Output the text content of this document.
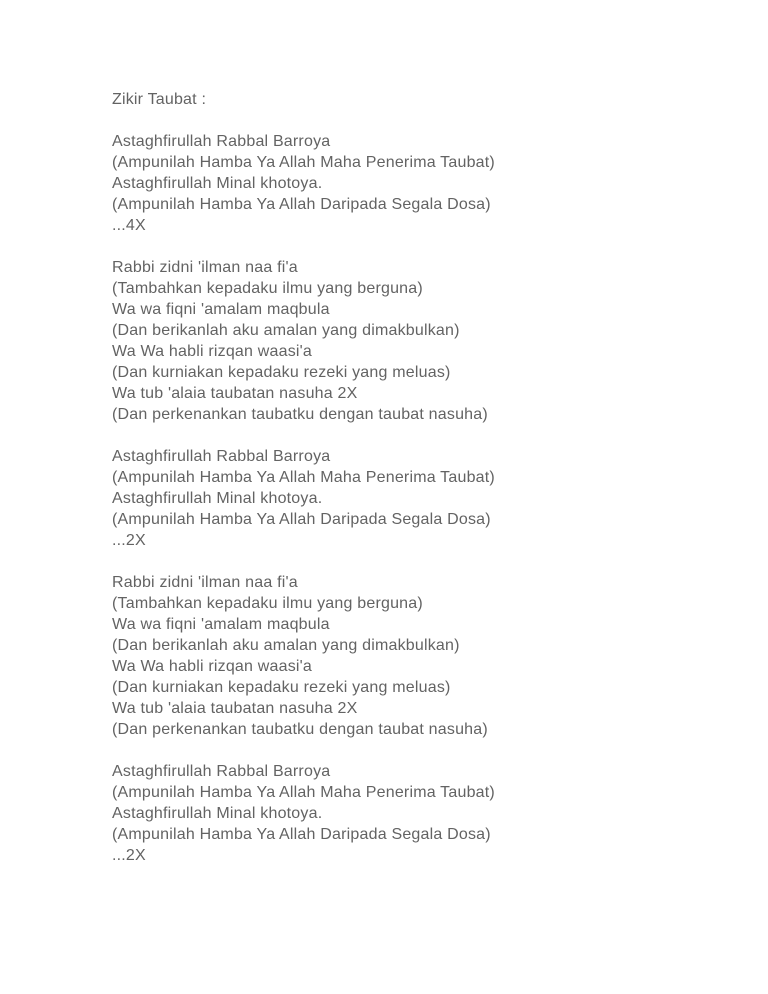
Zikir Taubat :
Astaghfirullah Rabbal Barroya
(Ampunilah Hamba Ya Allah Maha Penerima Taubat)
Astaghfirullah Minal khotoya.
(Ampunilah Hamba Ya Allah Daripada Segala Dosa)
...4X
Rabbi zidni 'ilman naa fi'a
(Tambahkan kepadaku ilmu yang berguna)
Wa wa fiqni 'amalam maqbula
(Dan berikanlah aku amalan yang dimakbulkan)
Wa Wa habli rizqan waasi'a
(Dan kurniakan kepadaku rezeki yang meluas)
Wa tub 'alaia taubatan nasuha 2X
(Dan perkenankan taubatku dengan taubat nasuha)
Astaghfirullah Rabbal Barroya
(Ampunilah Hamba Ya Allah Maha Penerima Taubat)
Astaghfirullah Minal khotoya.
(Ampunilah Hamba Ya Allah Daripada Segala Dosa)
...2X
Rabbi zidni 'ilman naa fi'a
(Tambahkan kepadaku ilmu yang berguna)
Wa wa fiqni 'amalam maqbula
(Dan berikanlah aku amalan yang dimakbulkan)
Wa Wa habli rizqan waasi'a
(Dan kurniakan kepadaku rezeki yang meluas)
Wa tub 'alaia taubatan nasuha 2X
(Dan perkenankan taubatku dengan taubat nasuha)
Astaghfirullah Rabbal Barroya
(Ampunilah Hamba Ya Allah Maha Penerima Taubat)
Astaghfirullah Minal khotoya.
(Ampunilah Hamba Ya Allah Daripada Segala Dosa)
...2X
